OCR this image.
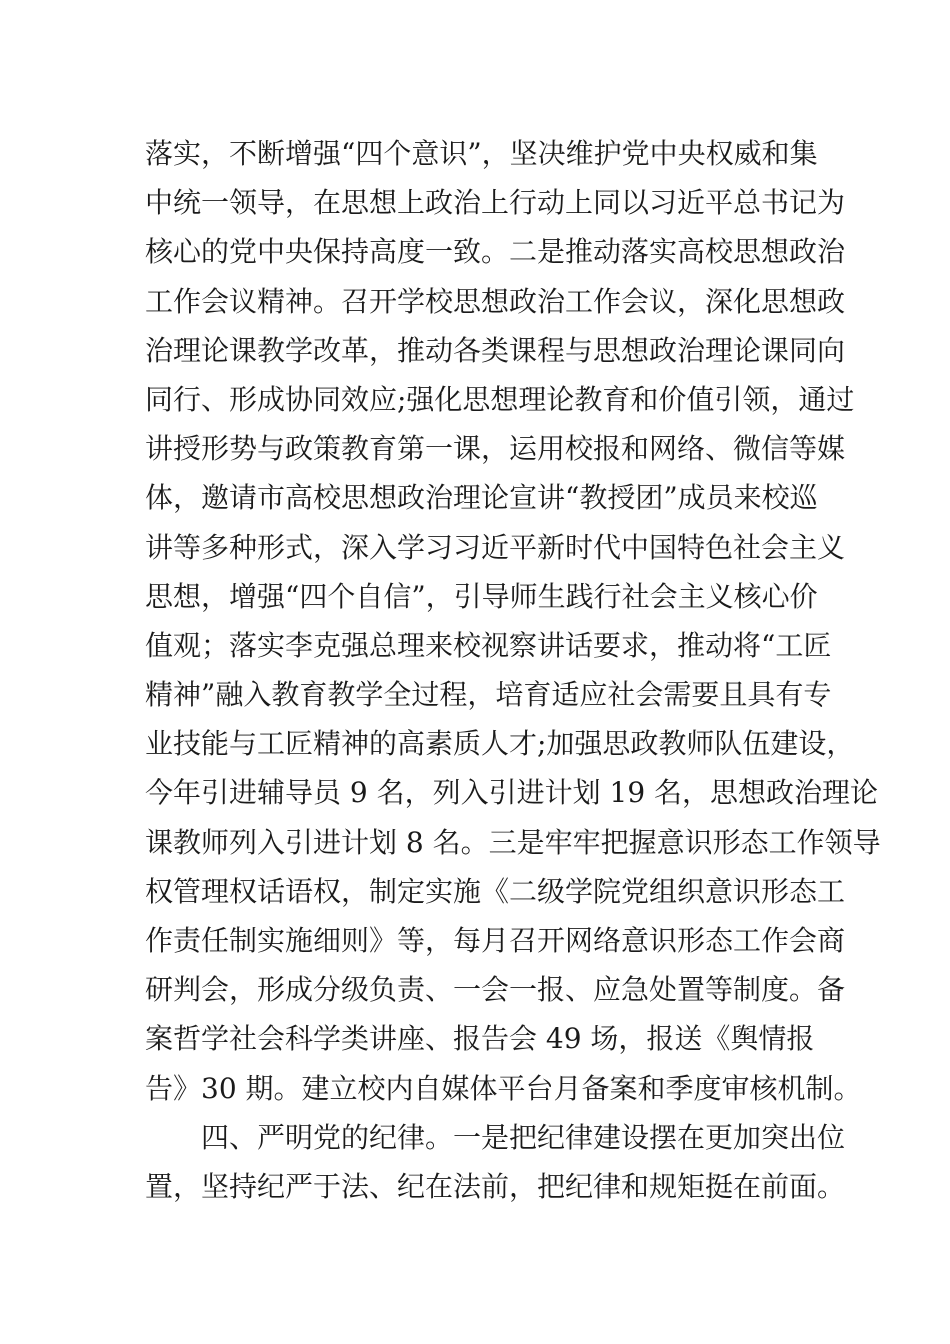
落实，不断增强“四个意识”，坚决维护党中央权威和集
中统一领导，在思想上政治上行动上同以习近平总书记为
核心的党中央保持高度一致。二是推动落实高校思想政治
工作会议精神。召开学校思想政治工作会议，深化思想政
治理论课教学改革，推动各类课程与思想政治理论课同向
同行、形成协同效应;强化思想理论教育和价值引领，通过
讲授形势与政策教育第一课，运用校报和网络、微信等媒
体，邀请市高校思想政治理论宣讲“教授团”成员来校巡
讲等多种形式，深入学习习近平新时代中国特色社会主义
思想，增强“四个自信”，引导师生践行社会主义核心价
值观；落实李克强总理来校视察讲话要求，推动将“工匠
精神”融入教育教学全过程，培育适应社会需要且具有专
业技能与工匠精神的高素质人才;加强思政教师队伍建设，
今年引进辅导员 9 名，列入引进计划 19 名，思想政治理论
课教师列入引进计划 8 名。三是牢牢把握意识形态工作领导
权管理权话语权，制定实施《二级学院党组织意识形态工
作责任制实施细则》等，每月召开网络意识形态工作会商
研判会，形成分级负责、一会一报、应急处置等制度。备
案哲学社会科学类讲座、报告会 49 场，报送《舆情报
告》30 期。建立校内自媒体平台月备案和季度审核机制。
　　四、严明党的纪律。一是把纪律建设摆在更加突出位
置，坚持纪严于法、纪在法前，把纪律和规矩挺在前面。
